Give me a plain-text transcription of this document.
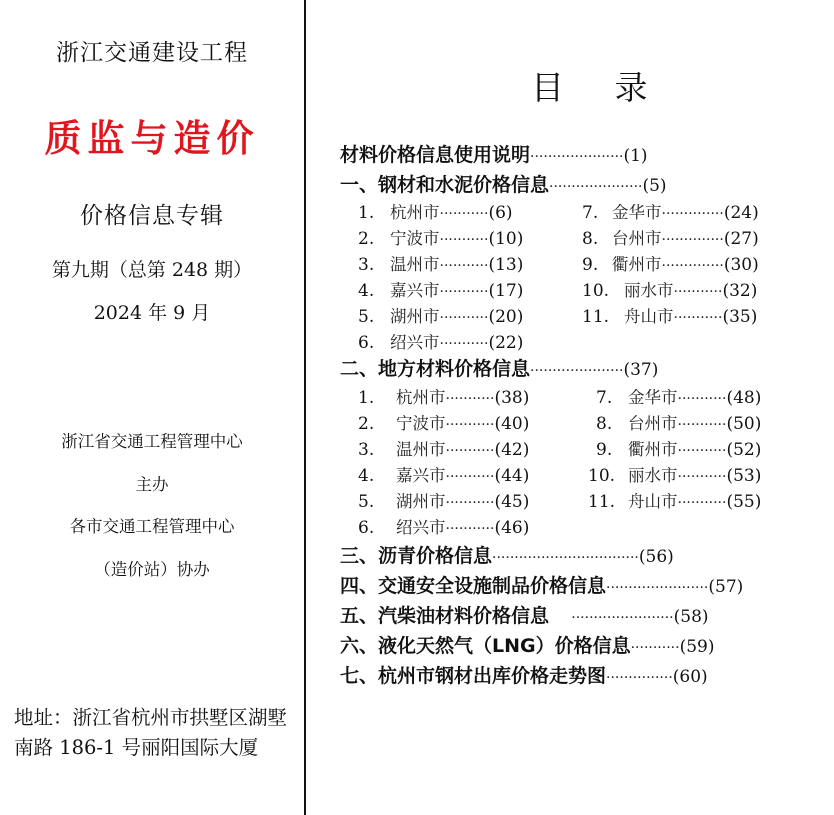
浙江交通建设工程
质监与造价
价格信息专辑
第九期（总第 248 期）
2024 年 9 月
浙江省交通工程管理中心
主办
各市交通工程管理中心
（造价站）协办
地址：浙江省杭州市拱墅区湖墅南路 186-1 号丽阳国际大厦
目 录
材料价格信息使用说明 ····················· (1)
一、钢材和水泥价格信息 ····················· (5)
1. 杭州市 ··········· (6)
2. 宁波市 ··········· (10)
3. 温州市 ··········· (13)
4. 嘉兴市 ··········· (17)
5. 湖州市 ··········· (20)
6. 绍兴市 ··········· (22)
7. 金华市 ·············· (24)
8. 台州市 ·············· (27)
9. 衢州市 ·············· (30)
10. 丽水市 ··········· (32)
11. 舟山市 ··········· (35)
二、地方材料价格信息 ····················· (37)
1.	杭州市 ··········· (38)
2.	宁波市 ··········· (40)
3.	温州市 ··········· (42)
4.	嘉兴市 ··········· (44)
5.	湖州市 ··········· (45)
6.	绍兴市 ··········· (46)
7. 金华市 ··········· (48)
8. 台州市 ··········· (50)
9. 衢州市 ··········· (52)
10. 丽水市 ··········· (53)
11. 舟山市 ··········· (55)
三、沥青价格信息 ································· (56)
四、交通安全设施制品价格信息 ······················· (57)
五、汽柴油材料价格信息 ······················· (58)
六、液化天然气（LNG）价格信息 ··········· (59)
七、杭州市钢材出库价格走势图 ··············· (60)
